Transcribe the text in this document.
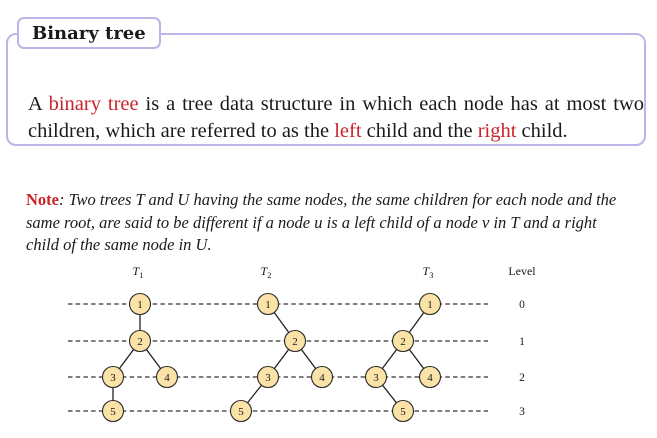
A binary tree is a tree data structure in which each node has at most two children, which are referred to as the left child and the right child.
Binary tree
Note: Two trees T and U having the same nodes, the same children for each node and the same root, are said to be different if a node u is a left child of a node v in T and a right child of the same node in U.
Level
0
1
2
3
$T_1$
1
2
3	4
5
$T_2$
1
2
3	4
5
$T_3$
1
2
3	4
5
